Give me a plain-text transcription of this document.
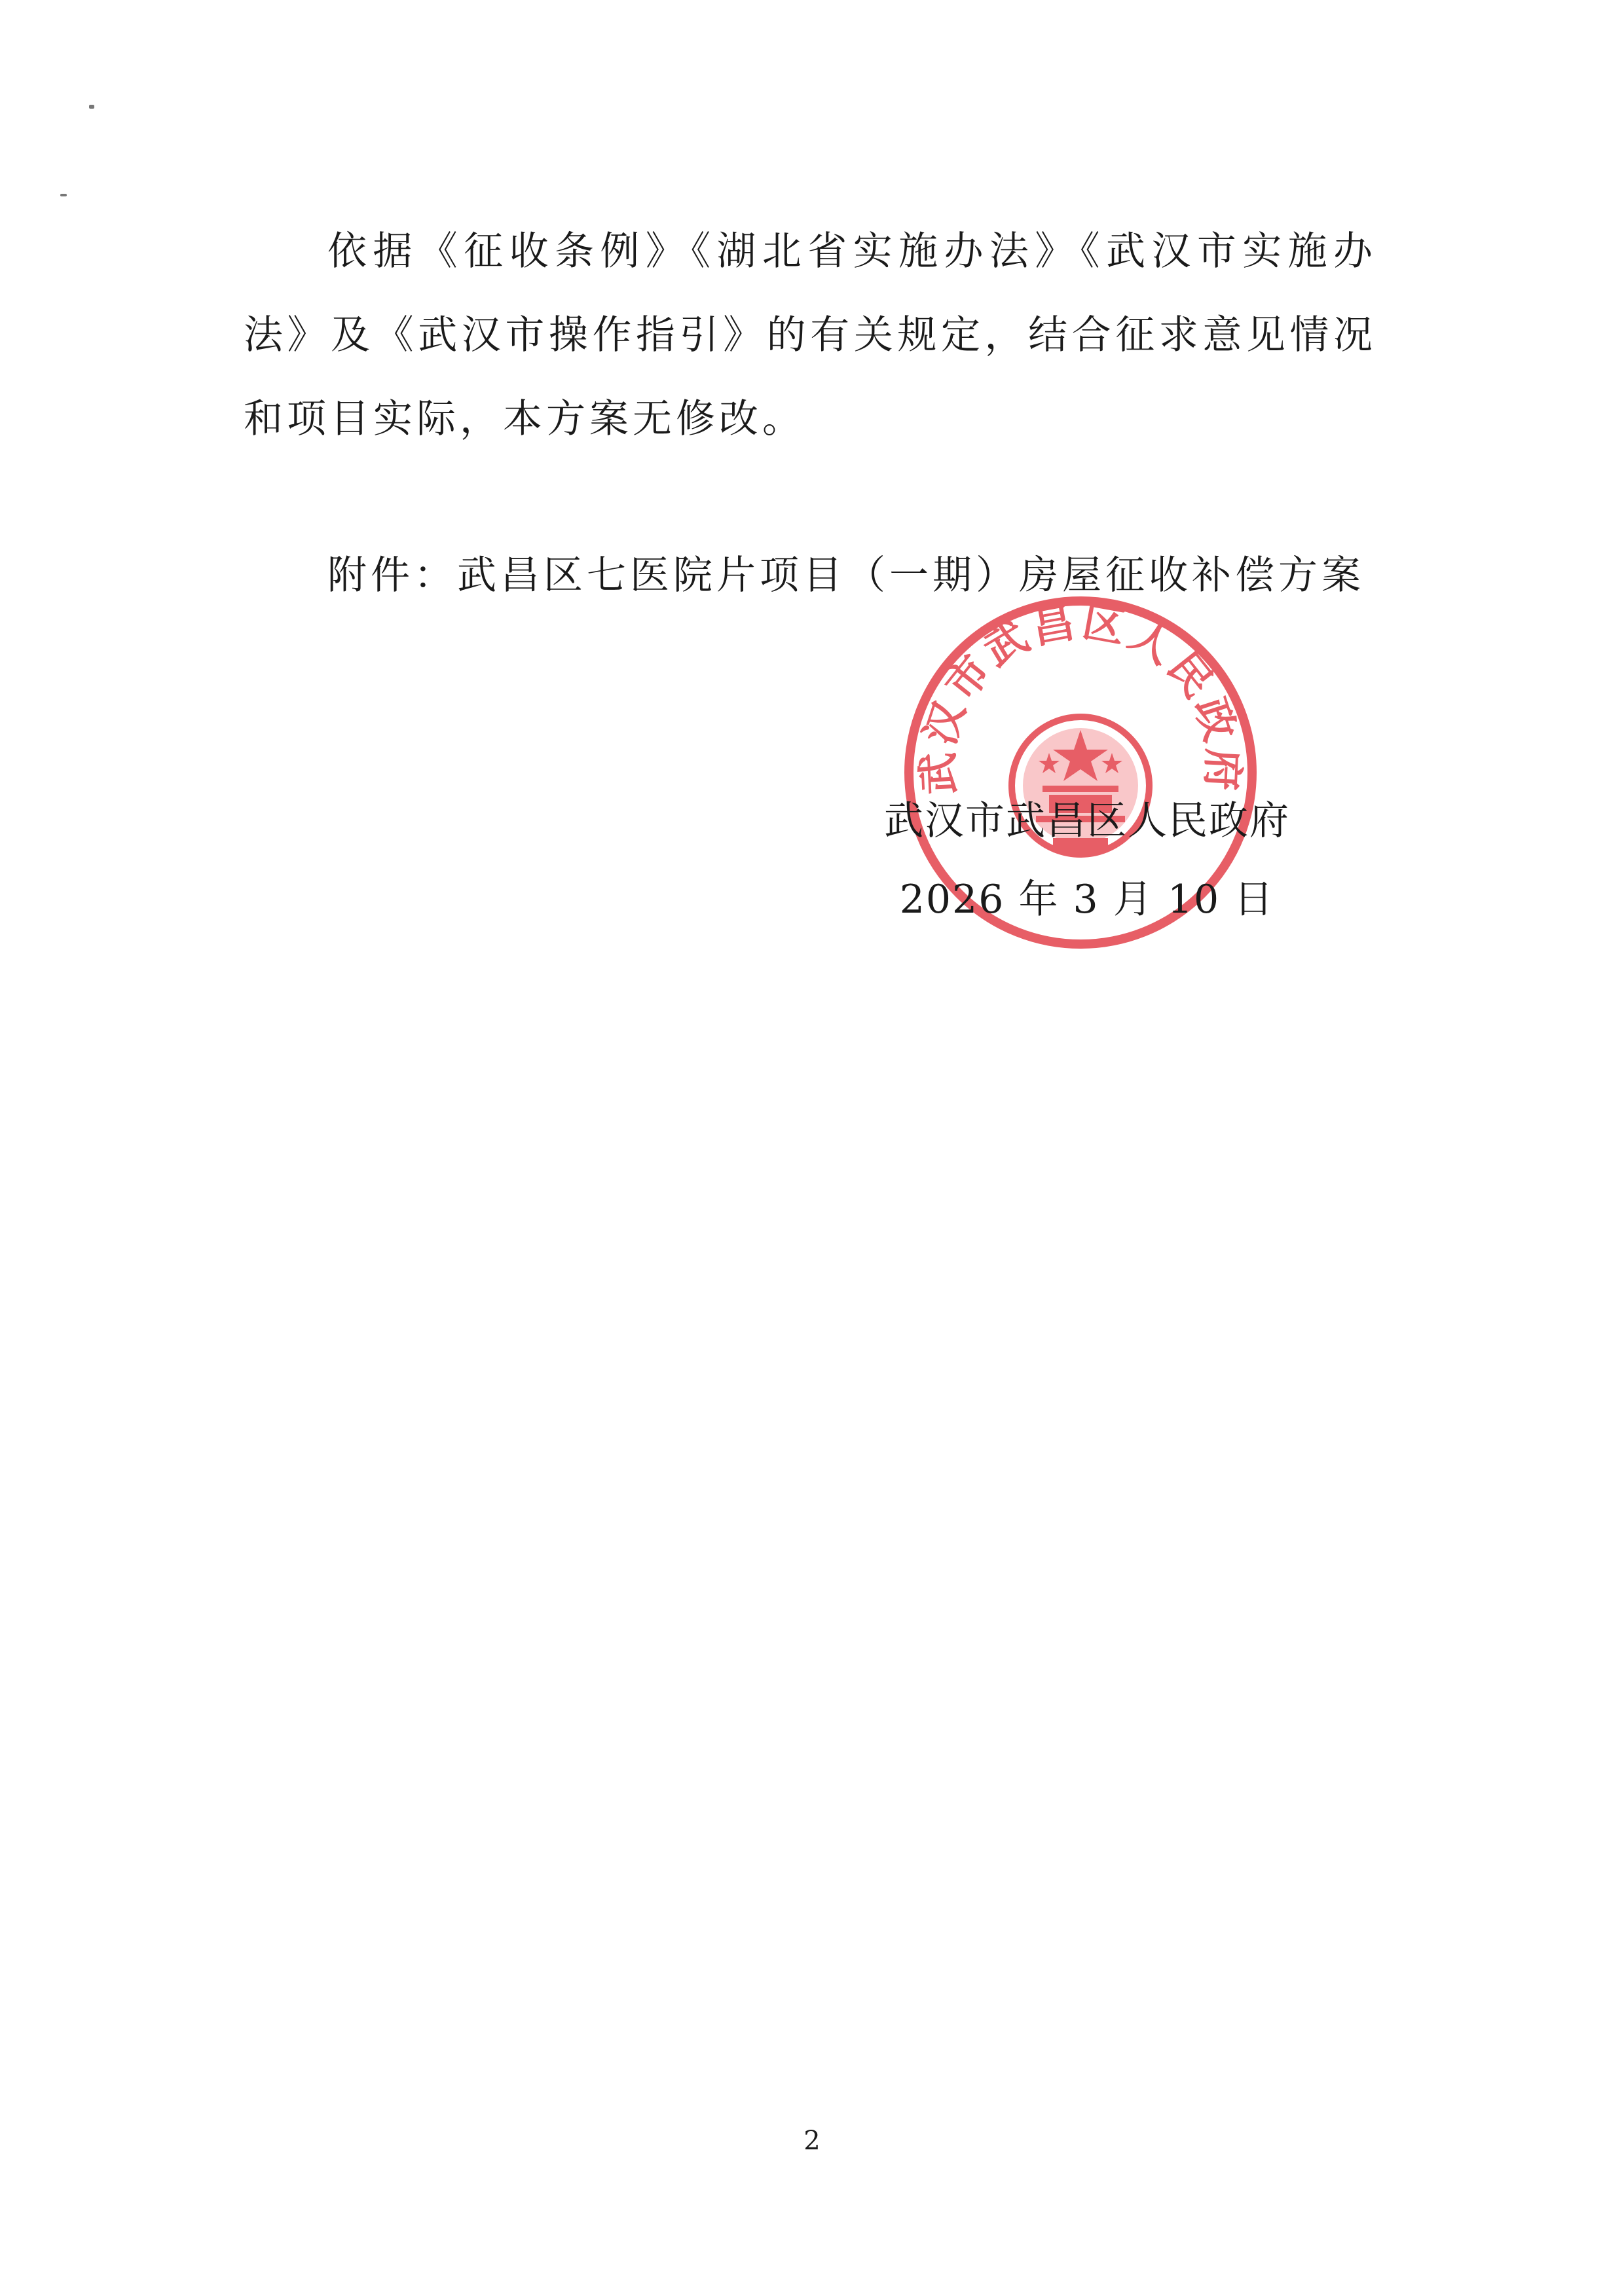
依据《征收条例》《湖北省实施办法》《武汉市实施办法》及《武汉市操作指引》的有关规定，结合征求意见情况和项目实际，本方案无修改。

附件：武昌区七医院片项目（一期）房屋征收补偿方案

武汉市武昌区人民政府

武汉市武昌区人民政府

2026 年 3 月 10 日

2
